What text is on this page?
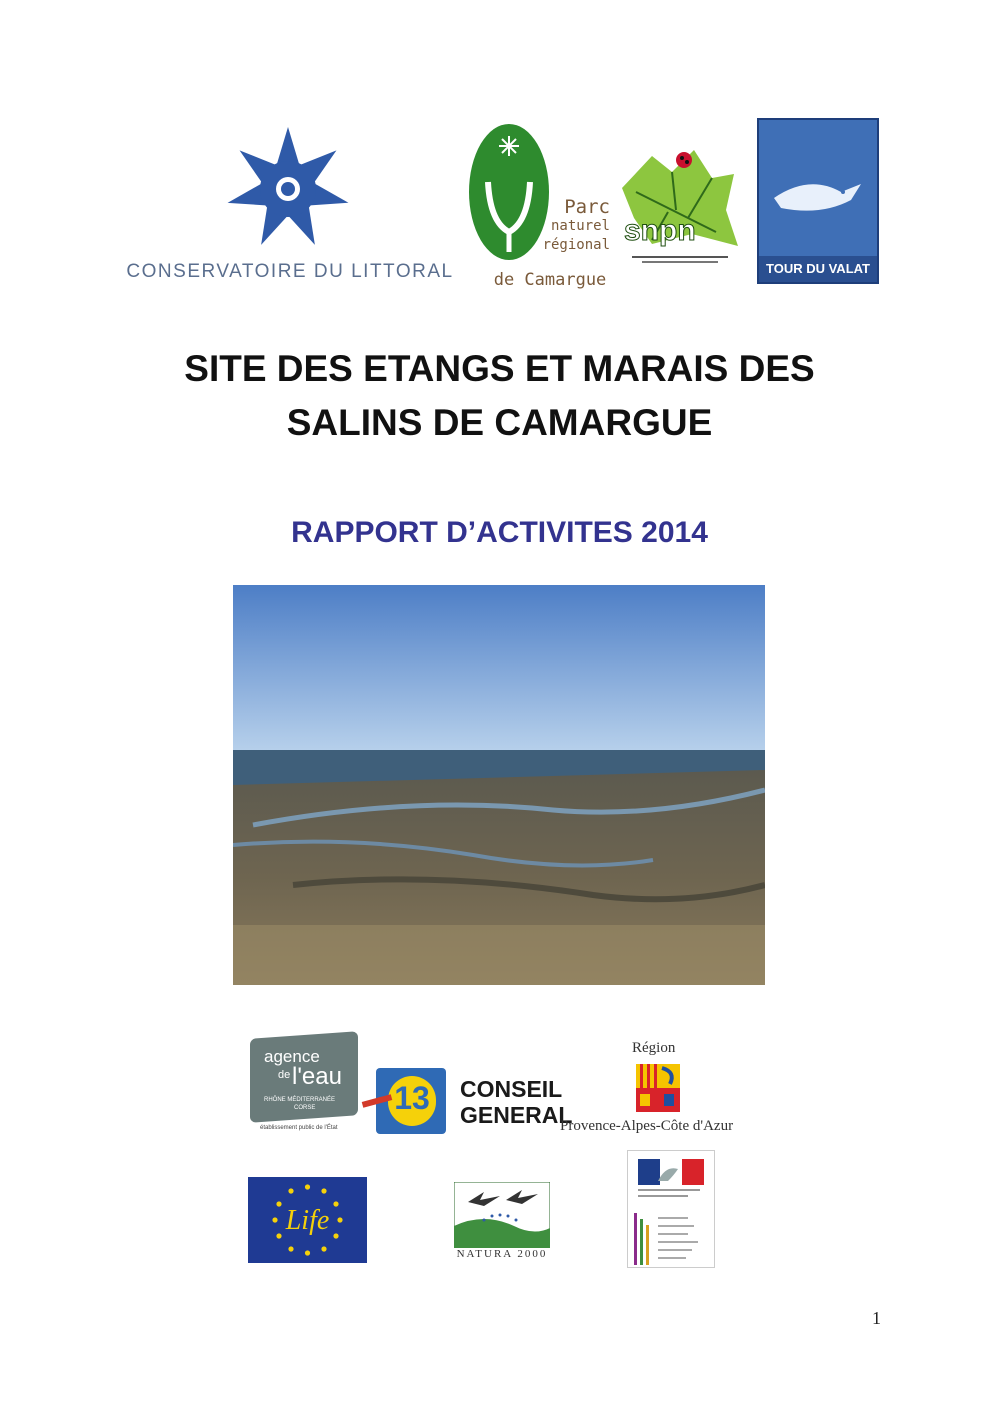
CONSERVATOIRE DU LITTORAL
Parc
naturel
régional
de Camargue
snpn
TOUR DU VALAT
SITE DES ETANGS ET MARAIS DES
SALINS DE CAMARGUE
RAPPORT D’ACTIVITES 2014
agence
de l'eau
RHÔNE MÉDITERRANÉE
CORSE
établissement public de l'État
13 CONSEIL
GENERAL
Région
Provence-Alpes-Côte d'Azur
Life
NATURA 2000
1
